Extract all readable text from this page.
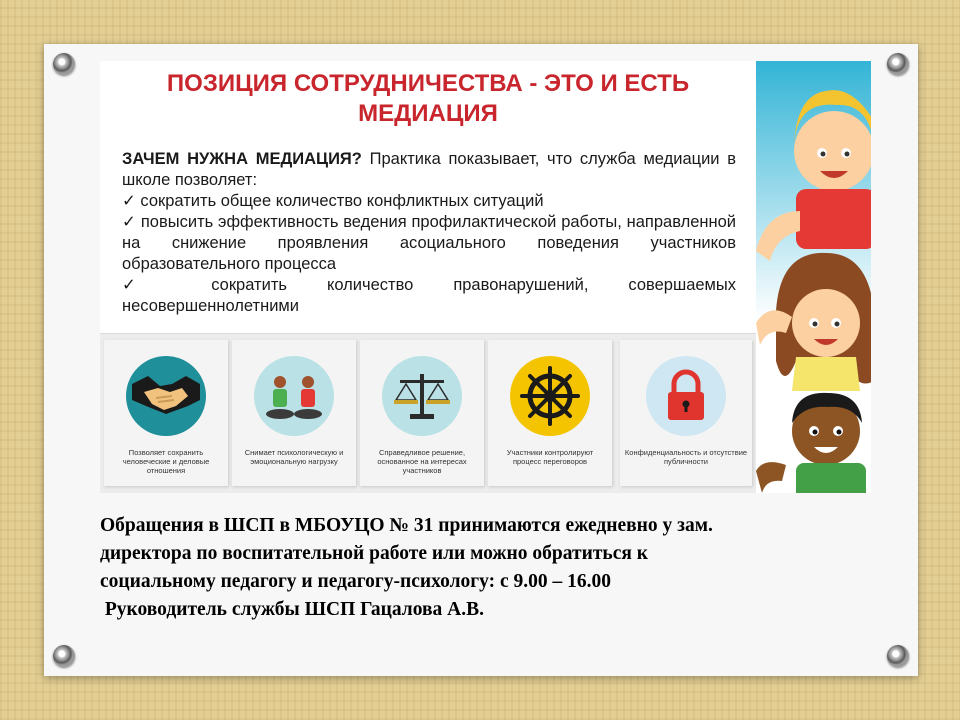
ПОЗИЦИЯ СОТРУДНИЧЕСТВА - ЭТО И ЕСТЬ
МЕДИАЦИЯ
ЗАЧЕМ НУЖНА МЕДИАЦИЯ? Практика показывает, что служба медиации в школе позволяет:
✓ сократить общее количество конфликтных ситуаций
✓ повысить эффективность ведения профилактической работы, направленной на снижение проявления асоциального поведения участников образовательного процесса
✓ сократить количество правонарушений, совершаемых несовершеннолетними
Позволяет сохранить человеческие и деловые отношения
Снимает психологическую и эмоциональную нагрузку
Справедливое решение, основанное на интересах участников
Участники контролируют процесс переговоров
Конфиденциальность и отсутствие публичности
Обращения в ШСП в МБОУЦО № 31 принимаются ежедневно у зам.
директора по воспитательной работе или можно обратиться к
социальному педагогу и педагогу-психологу: с 9.00 – 16.00
Руководитель службы ШСП Гацалова А.В.
